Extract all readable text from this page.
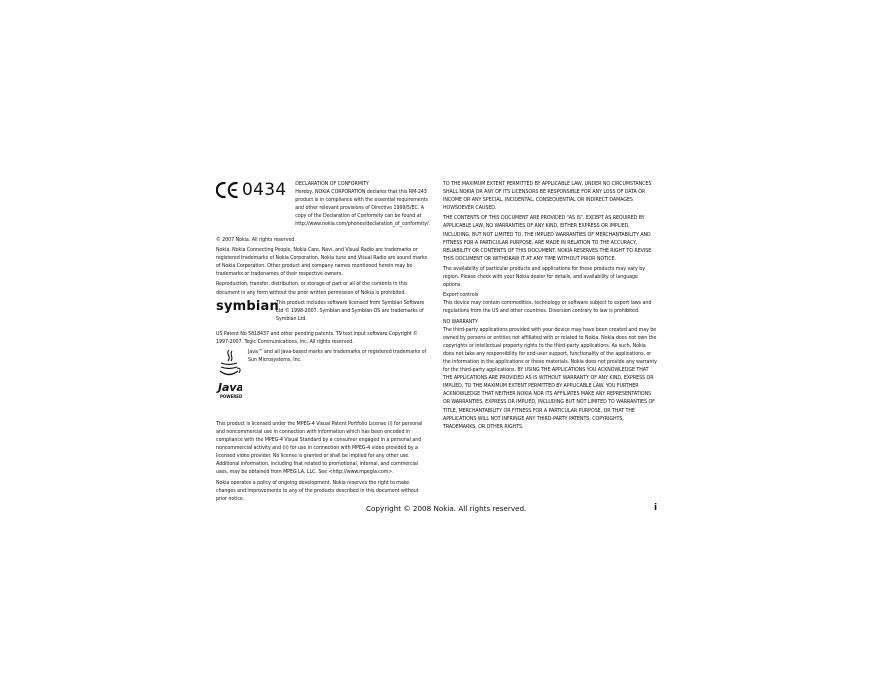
0434 DECLARATION OF CONFORMITY

Hereby, NOKIA CORPORATION declares that this RM-243 product is in compliance with the essential requirements and other relevant provisions of Directive 1999/5/EC. A copy of the Declaration of Conformity can be found at http://www.nokia.com/phones/declaration_of_conformity/.

© 2007 Nokia. All rights reserved.

Nokia, Nokia Connecting People, Nokia Care, Navi, and Visual Radio are trademarks or registered trademarks of Nokia Corporation. Nokia tune and Visual Radio are sound marks of Nokia Corporation. Other product and company names mentioned herein may be trademarks or tradenames of their respective owners.

Reproduction, transfer, distribution, or storage of part or all of the contents in this document in any form without the prior written permission of Nokia is prohibited.

symbian
This product includes software licensed from Symbian Software Ltd © 1998-2007. Symbian and Symbian OS are trademarks of Symbian Ltd.

US Patent No 5818437 and other pending patents. T9 text input software Copyright © 1997-2007. Tegic Communications, Inc. All rights reserved.

Java
POWERED
Java™ and all Java-based marks are trademarks or registered trademarks of Sun Microsystems, Inc.

This product is licensed under the MPEG-4 Visual Patent Portfolio License (i) for personal and noncommercial use in connection with information which has been encoded in compliance with the MPEG-4 Visual Standard by a consumer engaged in a personal and noncommercial activity and (ii) for use in connection with MPEG-4 video provided by a licensed video provider. No license is granted or shall be implied for any other use. Additional information, including that related to promotional, internal, and commercial uses, may be obtained from MPEG LA, LLC. See <http://www.mpegla.com>.

Nokia operates a policy of ongoing development. Nokia reserves the right to make changes and improvements to any of the products described in this document without prior notice.

TO THE MAXIMUM EXTENT PERMITTED BY APPLICABLE LAW, UNDER NO CIRCUMSTANCES SHALL NOKIA OR ANY OF ITS LICENSORS BE RESPONSIBLE FOR ANY LOSS OF DATA OR INCOME OR ANY SPECIAL, INCIDENTAL, CONSEQUENTIAL OR INDIRECT DAMAGES HOWSOEVER CAUSED.

THE CONTENTS OF THIS DOCUMENT ARE PROVIDED "AS IS". EXCEPT AS REQUIRED BY APPLICABLE LAW, NO WARRANTIES OF ANY KIND, EITHER EXPRESS OR IMPLIED, INCLUDING, BUT NOT LIMITED TO, THE IMPLIED WARRANTIES OF MERCHANTABILITY AND FITNESS FOR A PARTICULAR PURPOSE, ARE MADE IN RELATION TO THE ACCURACY, RELIABILITY OR CONTENTS OF THIS DOCUMENT. NOKIA RESERVES THE RIGHT TO REVISE THIS DOCUMENT OR WITHDRAW IT AT ANY TIME WITHOUT PRIOR NOTICE.

The availability of particular products and applications for these products may vary by region. Please check with your Nokia dealer for details, and availability of language options.

Export controls

This device may contain commodities, technology or software subject to export laws and regulations from the US and other countries. Diversion contrary to law is prohibited.

NO WARRANTY

The third-party applications provided with your device may have been created and may be owned by persons or entities not affiliated with or related to Nokia. Nokia does not own the copyrights or intellectual property rights to the third-party applications. As such, Nokia does not take any responsibility for end-user support, functionality of the applications, or the information in the applications or these materials. Nokia does not provide any warranty for the third-party applications. BY USING THE APPLICATIONS YOU ACKNOWLEDGE THAT THE APPLICATIONS ARE PROVIDED AS IS WITHOUT WARRANTY OF ANY KIND, EXPRESS OR IMPLIED, TO THE MAXIMUM EXTENT PERMITTED BY APPLICABLE LAW. YOU FURTHER ACKNOWLEDGE THAT NEITHER NOKIA NOR ITS AFFILIATES MAKE ANY REPRESENTATIONS OR WARRANTIES, EXPRESS OR IMPLIED, INCLUDING BUT NOT LIMITED TO WARRANTIES OF TITLE, MERCHANTABILITY OR FITNESS FOR A PARTICULAR PURPOSE, OR THAT THE APPLICATIONS WILL NOT INFRINGE ANY THIRD-PARTY PATENTS, COPYRIGHTS, TRADEMARKS, OR OTHER RIGHTS.

Copyright © 2008 Nokia. All rights reserved.	i
